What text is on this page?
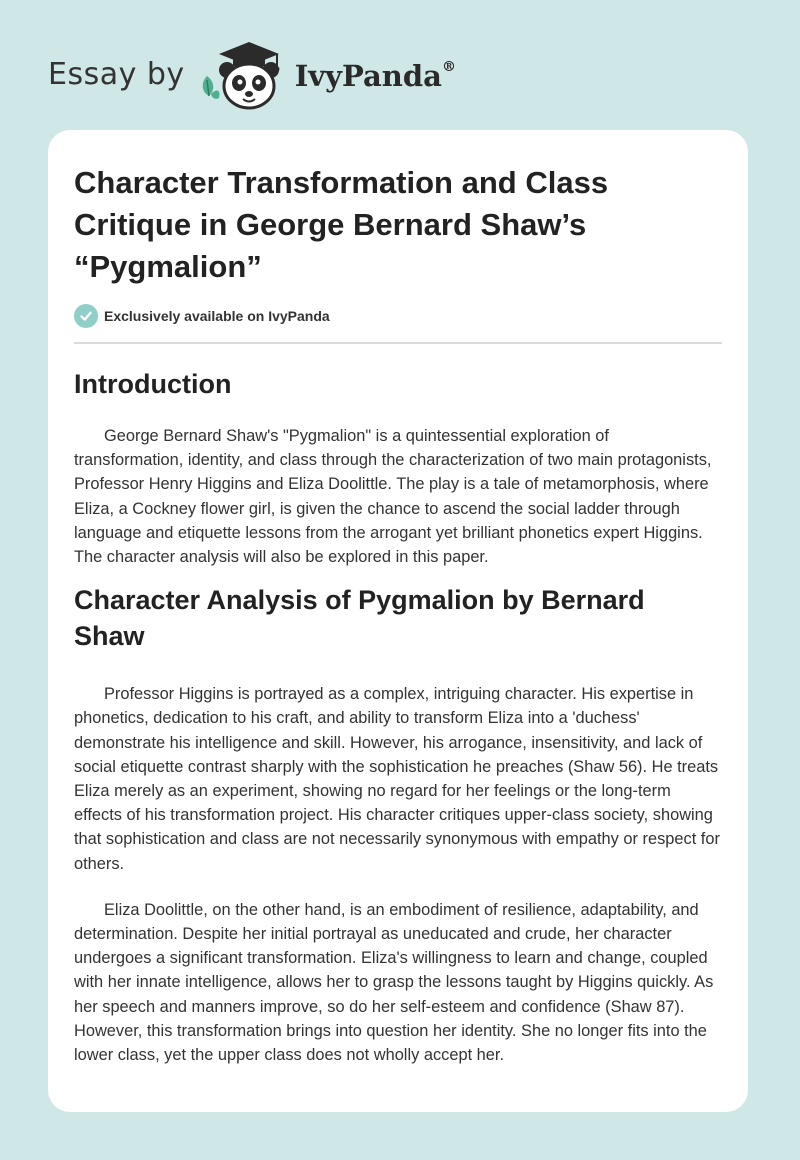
Essay by	IvyPanda®
Character Transformation and Class Critique in George Bernard Shaw’s “Pygmalion”
Exclusively available on IvyPanda
Introduction

George Bernard Shaw's "Pygmalion" is a quintessential exploration of transformation, identity, and class through the characterization of two main protagonists, Professor Henry Higgins and Eliza Doolittle. The play is a tale of metamorphosis, where Eliza, a Cockney flower girl, is given the chance to ascend the social ladder through language and etiquette lessons from the arrogant yet brilliant phonetics expert Higgins. The character analysis will also be explored in this paper.

Character Analysis of Pygmalion by Bernard Shaw

Professor Higgins is portrayed as a complex, intriguing character. His expertise in phonetics, dedication to his craft, and ability to transform Eliza into a 'duchess' demonstrate his intelligence and skill. However, his arrogance, insensitivity, and lack of social etiquette contrast sharply with the sophistication he preaches (Shaw 56). He treats Eliza merely as an experiment, showing no regard for her feelings or the long-term effects of his transformation project. His character critiques upper-class society, showing that sophistication and class are not necessarily synonymous with empathy or respect for others.

Eliza Doolittle, on the other hand, is an embodiment of resilience, adaptability, and determination. Despite her initial portrayal as uneducated and crude, her character undergoes a significant transformation. Eliza's willingness to learn and change, coupled with her innate intelligence, allows her to grasp the lessons taught by Higgins quickly. As her speech and manners improve, so do her self-esteem and confidence (Shaw 87). However, this transformation brings into question her identity. She no longer fits into the lower class, yet the upper class does not wholly accept her.
